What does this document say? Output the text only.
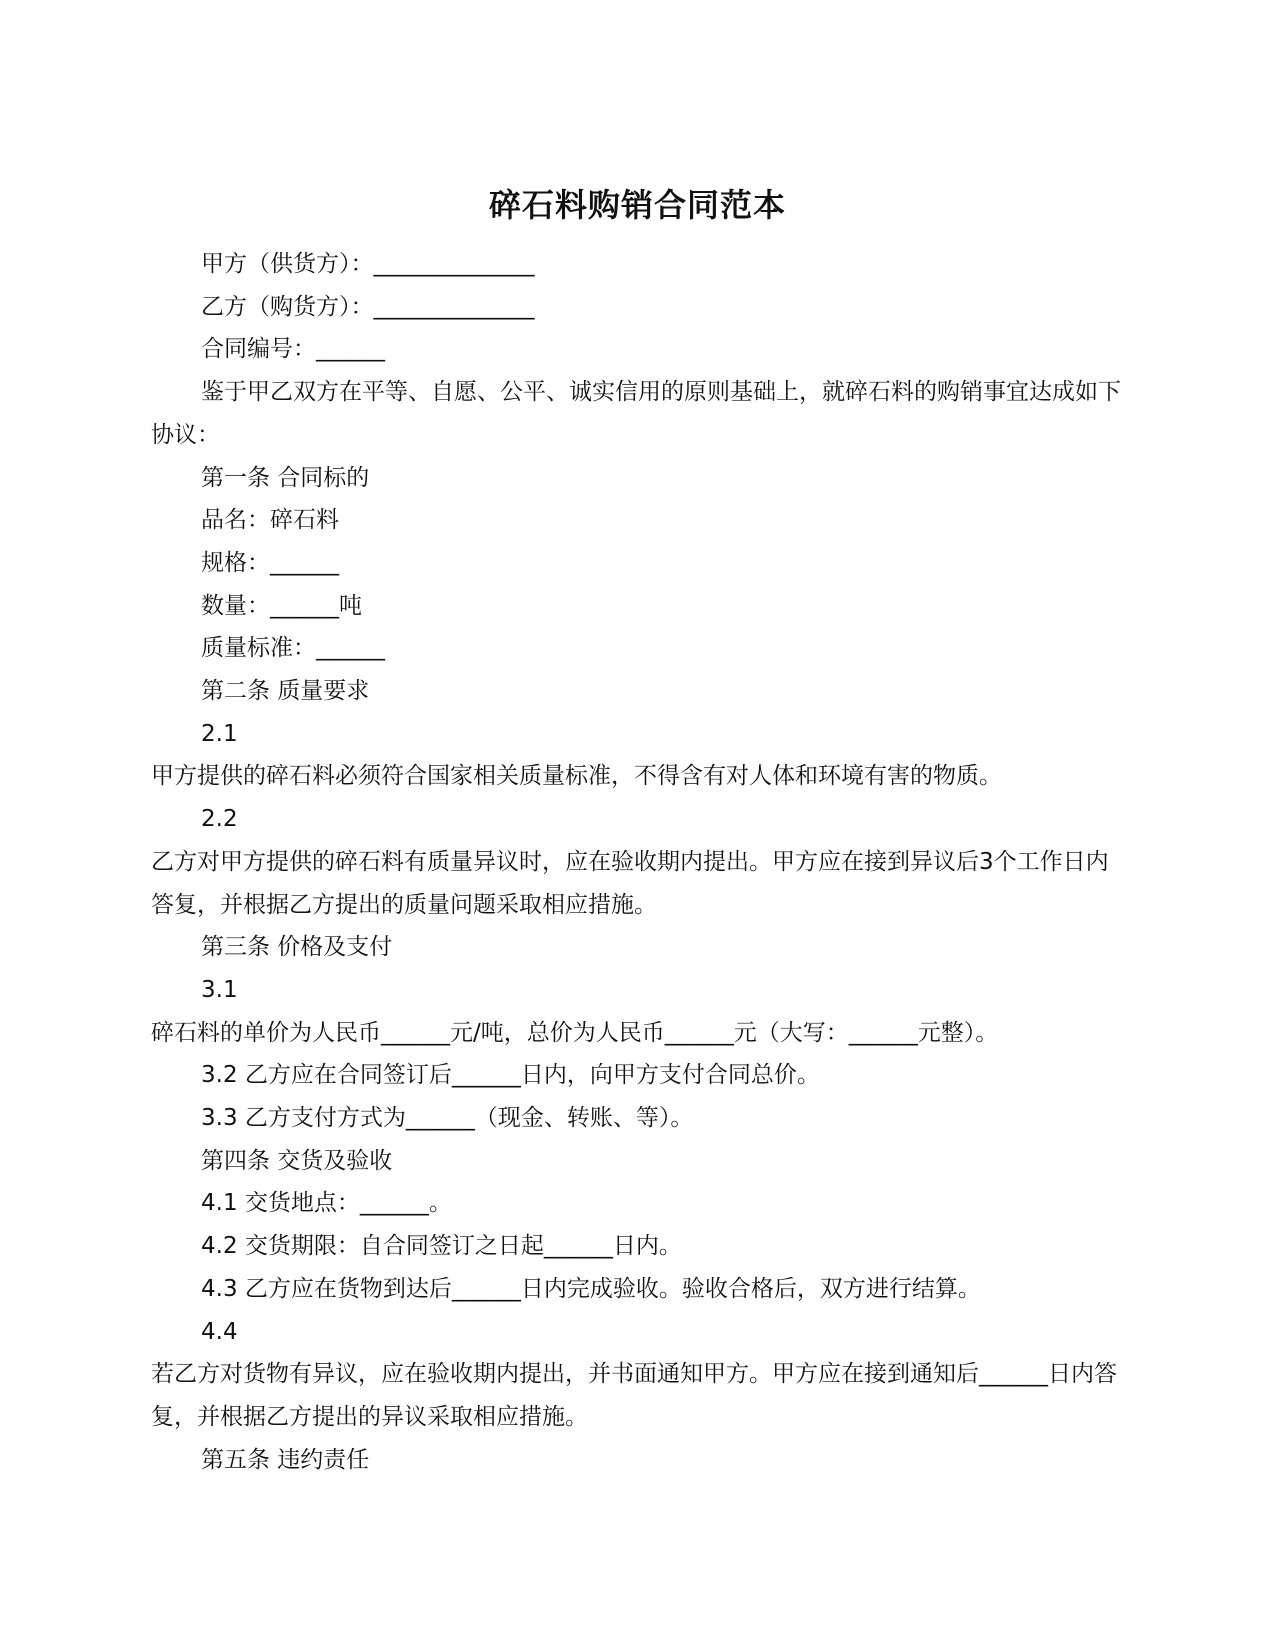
碎石料购销合同范本

甲方（供货方）：______________

乙方（购货方）：______________

合同编号：______

鉴于甲乙双方在平等、自愿、公平、诚实信用的原则基础上，就碎石料的购销事宜达成如下协议：

第一条 合同标的

品名：碎石料

规格：______

数量：______吨

质量标准：______

第二条 质量要求

2.1

甲方提供的碎石料必须符合国家相关质量标准，不得含有对人体和环境有害的物质。

2.2

乙方对甲方提供的碎石料有质量异议时，应在验收期内提出。甲方应在接到异议后3个工作日内答复，并根据乙方提出的质量问题采取相应措施。

第三条 价格及支付

3.1

碎石料的单价为人民币______元/吨，总价为人民币______元（大写：______元整）。

3.2 乙方应在合同签订后______日内，向甲方支付合同总价。

3.3 乙方支付方式为______（现金、转账、等）。

第四条 交货及验收

4.1 交货地点：______。

4.2 交货期限：自合同签订之日起______日内。

4.3 乙方应在货物到达后______日内完成验收。验收合格后，双方进行结算。

4.4

若乙方对货物有异议，应在验收期内提出，并书面通知甲方。甲方应在接到通知后______日内答复，并根据乙方提出的异议采取相应措施。

第五条 违约责任
